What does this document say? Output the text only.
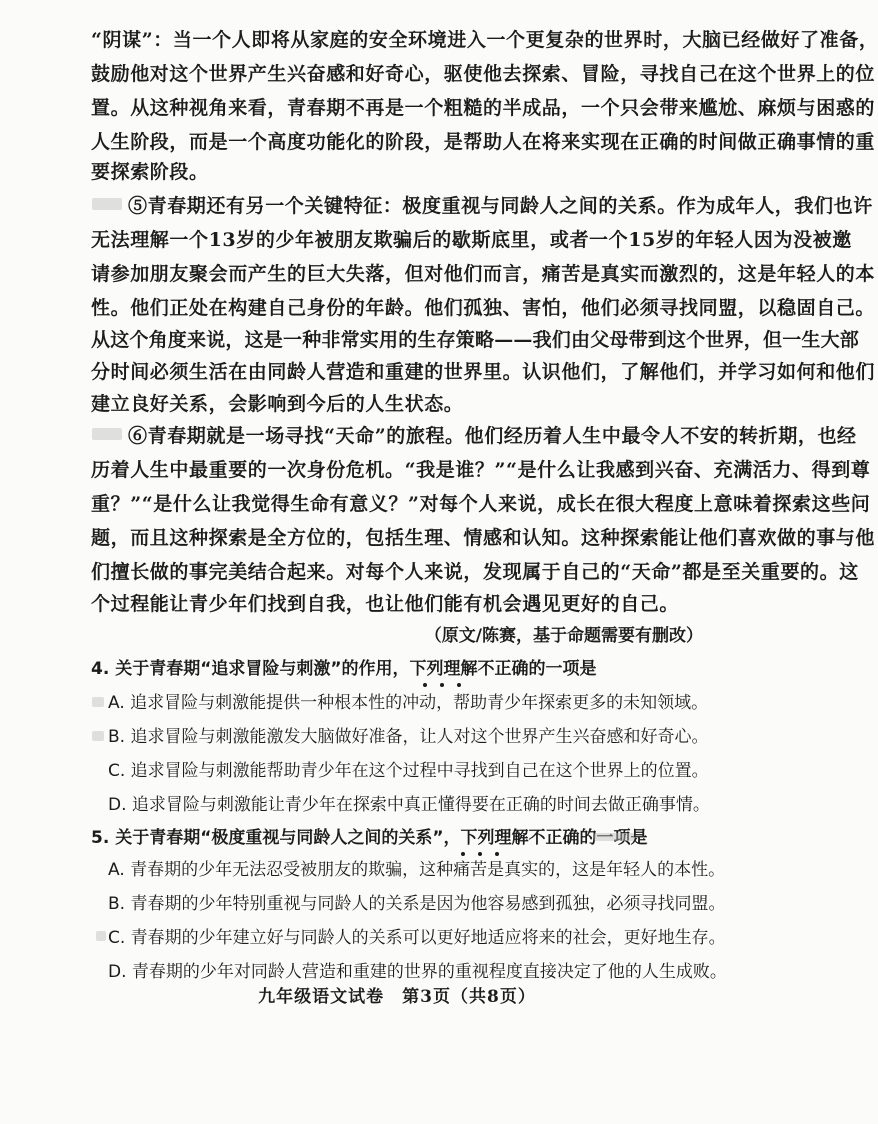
“阴谋”：当一个人即将从家庭的安全环境进入一个更复杂的世界时，大脑已经做好了准备，
鼓励他对这个世界产生兴奋感和好奇心，驱使他去探索、冒险，寻找自己在这个世界上的位
置。从这种视角来看，青春期不再是一个粗糙的半成品，一个只会带来尴尬、麻烦与困惑的
人生阶段，而是一个高度功能化的阶段，是帮助人在将来实现在正确的时间做正确事情的重
要探索阶段。
⑤青春期还有另一个关键特征：极度重视与同龄人之间的关系。作为成年人，我们也许
无法理解一个13岁的少年被朋友欺骗后的歇斯底里，或者一个15岁的年轻人因为没被邀
请参加朋友聚会而产生的巨大失落，但对他们而言，痛苦是真实而激烈的，这是年轻人的本
性。他们正处在构建自己身份的年龄。他们孤独、害怕，他们必须寻找同盟，以稳固自己。
从这个角度来说，这是一种非常实用的生存策略——我们由父母带到这个世界，但一生大部
分时间必须生活在由同龄人营造和重建的世界里。认识他们，了解他们，并学习如何和他们
建立良好关系，会影响到今后的人生状态。
⑥青春期就是一场寻找“天命”的旅程。他们经历着人生中最令人不安的转折期，也经
历着人生中最重要的一次身份危机。“我是谁？”“是什么让我感到兴奋、充满活力、得到尊
重？”“是什么让我觉得生命有意义？”对每个人来说，成长在很大程度上意味着探索这些问
题，而且这种探索是全方位的，包括生理、情感和认知。这种探索能让他们喜欢做的事与他
们擅长做的事完美结合起来。对每个人来说，发现属于自己的“天命”都是至关重要的。这
个过程能让青少年们找到自我，也让他们能有机会遇见更好的自己。
（原文/陈赛，基于命题需要有删改）
4. 关于青春期“追求冒险与刺激”的作用，下列理解不正确的一项是
A. 追求冒险与刺激能提供一种根本性的冲动，帮助青少年探索更多的未知领域。
B. 追求冒险与刺激能激发大脑做好准备，让人对这个世界产生兴奋感和好奇心。
C. 追求冒险与刺激能帮助青少年在这个过程中寻找到自己在这个世界上的位置。
D. 追求冒险与刺激能让青少年在探索中真正懂得要在正确的时间去做正确事情。
5. 关于青春期“极度重视与同龄人之间的关系”，下列理解不正确的一项是
A. 青春期的少年无法忍受被朋友的欺骗，这种痛苦是真实的，这是年轻人的本性。
B. 青春期的少年特别重视与同龄人的关系是因为他容易感到孤独，必须寻找同盟。
C. 青春期的少年建立好与同龄人的关系可以更好地适应将来的社会，更好地生存。
D. 青春期的少年对同龄人营造和重建的世界的重视程度直接决定了他的人生成败。
九年级语文试卷　第3页（共8页）
